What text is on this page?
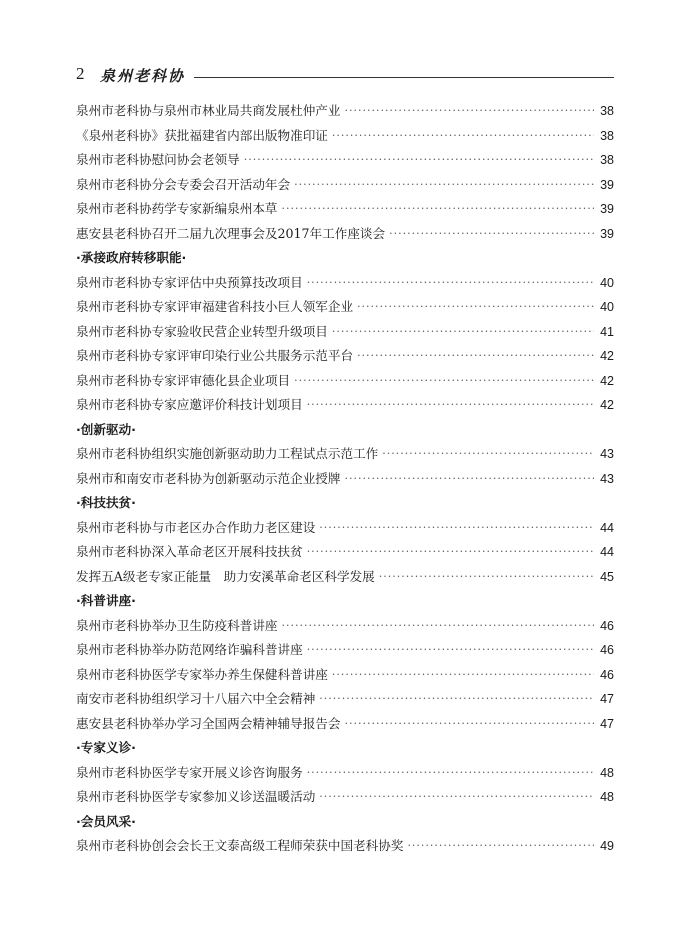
2 泉州老科协
泉州市老科协与泉州市林业局共商发展杜仲产业 ·····	38
《泉州老科协》获批福建省内部出版物准印证 ·····	38
泉州市老科协慰问协会老领导 ·····	38
泉州市老科协分会专委会召开活动年会 ·····	39
泉州市老科协药学专家新编泉州本草 ·····	39
惠安县老科协召开二届九次理事会及2017年工作座谈会 ·····	39
·承接政府转移职能·
泉州市老科协专家评估中央预算技改项目 ·····	40
泉州市老科协专家评审福建省科技小巨人领军企业 ·····	40
泉州市老科协专家验收民营企业转型升级项目 ·····	41
泉州市老科协专家评审印染行业公共服务示范平台 ·····	42
泉州市老科协专家评审德化县企业项目 ·····	42
泉州市老科协专家应邀评价科技计划项目 ·····	42
·创新驱动·
泉州市老科协组织实施创新驱动助力工程试点示范工作 ·····	43
泉州市和南安市老科协为创新驱动示范企业授牌 ·····	43
·科技扶贫·
泉州市老科协与市老区办合作助力老区建设 ·····	44
泉州市老科协深入革命老区开展科技扶贫 ·····	44
发挥五A级老专家正能量　助力安溪革命老区科学发展 ·····	45
·科普讲座·
泉州市老科协举办卫生防疫科普讲座 ·····	46
泉州市老科协举办防范网络诈骗科普讲座 ·····	46
泉州市老科协医学专家举办养生保健科普讲座 ·····	46
南安市老科协组织学习十八届六中全会精神 ·····	47
惠安县老科协举办学习全国两会精神辅导报告会 ·····	47
·专家义诊·
泉州市老科协医学专家开展义诊咨询服务 ·····	48
泉州市老科协医学专家参加义诊送温暖活动 ·····	48
·会员风采·
泉州市老科协创会会长王文泰高级工程师荣获中国老科协奖 ·····	49
